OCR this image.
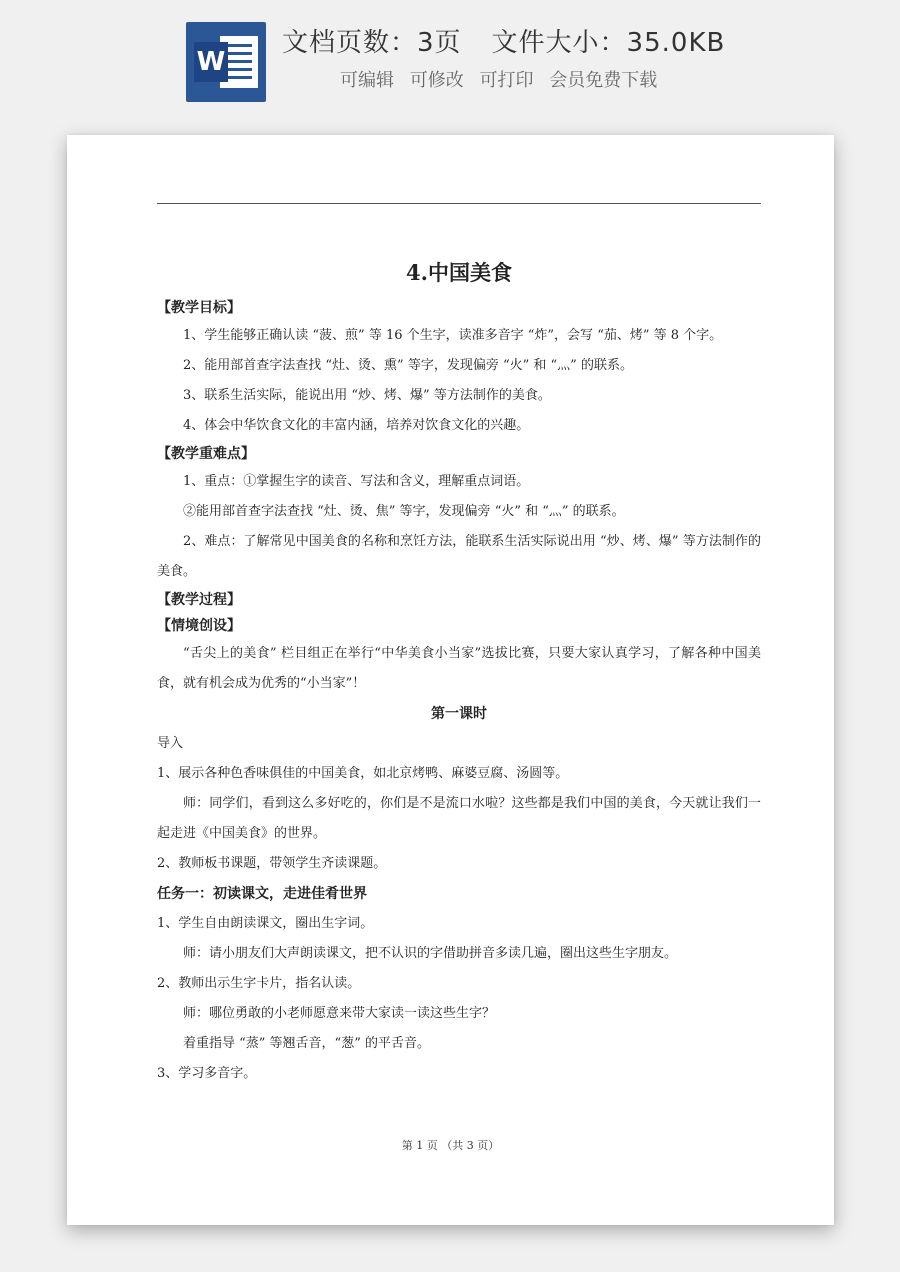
W
文档页数：3页 文件大小：35.0KB
可编辑 可修改 可打印 会员免费下载
4.中国美食
【教学目标】
1、学生能够正确认读 “菠、煎” 等 16 个生字，读准多音字 “炸”，会写 “茄、烤” 等 8 个字。
2、能用部首查字法查找 “灶、烫、熏” 等字，发现偏旁 “火” 和 “灬” 的联系。
3、联系生活实际，能说出用 “炒、烤、爆” 等方法制作的美食。
4、体会中华饮食文化的丰富内涵，培养对饮食文化的兴趣。
【教学重难点】
1、重点：①掌握生字的读音、写法和含义，理解重点词语。
②能用部首查字法查找 “灶、烫、焦” 等字，发现偏旁 “火” 和 “灬” 的联系。
2、难点：了解常见中国美食的名称和烹饪方法，能联系生活实际说出用 “炒、烤、爆” 等方法制作的美食。
【教学过程】
【情境创设】
“舌尖上的美食” 栏目组正在举行“中华美食小当家”选拔比赛，只要大家认真学习，了解各种中国美食，就有机会成为优秀的“小当家”！
第一课时
导入
1、展示各种色香味俱佳的中国美食，如北京烤鸭、麻婆豆腐、汤圆等。
师：同学们，看到这么多好吃的，你们是不是流口水啦？这些都是我们中国的美食，今天就让我们一起走进《中国美食》的世界。
2、教师板书课题，带领学生齐读课题。
任务一：初读课文，走进佳肴世界
1、学生自由朗读课文，圈出生字词。
师：请小朋友们大声朗读课文，把不认识的字借助拼音多读几遍，圈出这些生字朋友。
2、教师出示生字卡片，指名认读。
师：哪位勇敢的小老师愿意来带大家读一读这些生字？
着重指导 “蒸” 等翘舌音，“葱” 的平舌音。
3、学习多音字。
第 1 页 （共 3 页）
